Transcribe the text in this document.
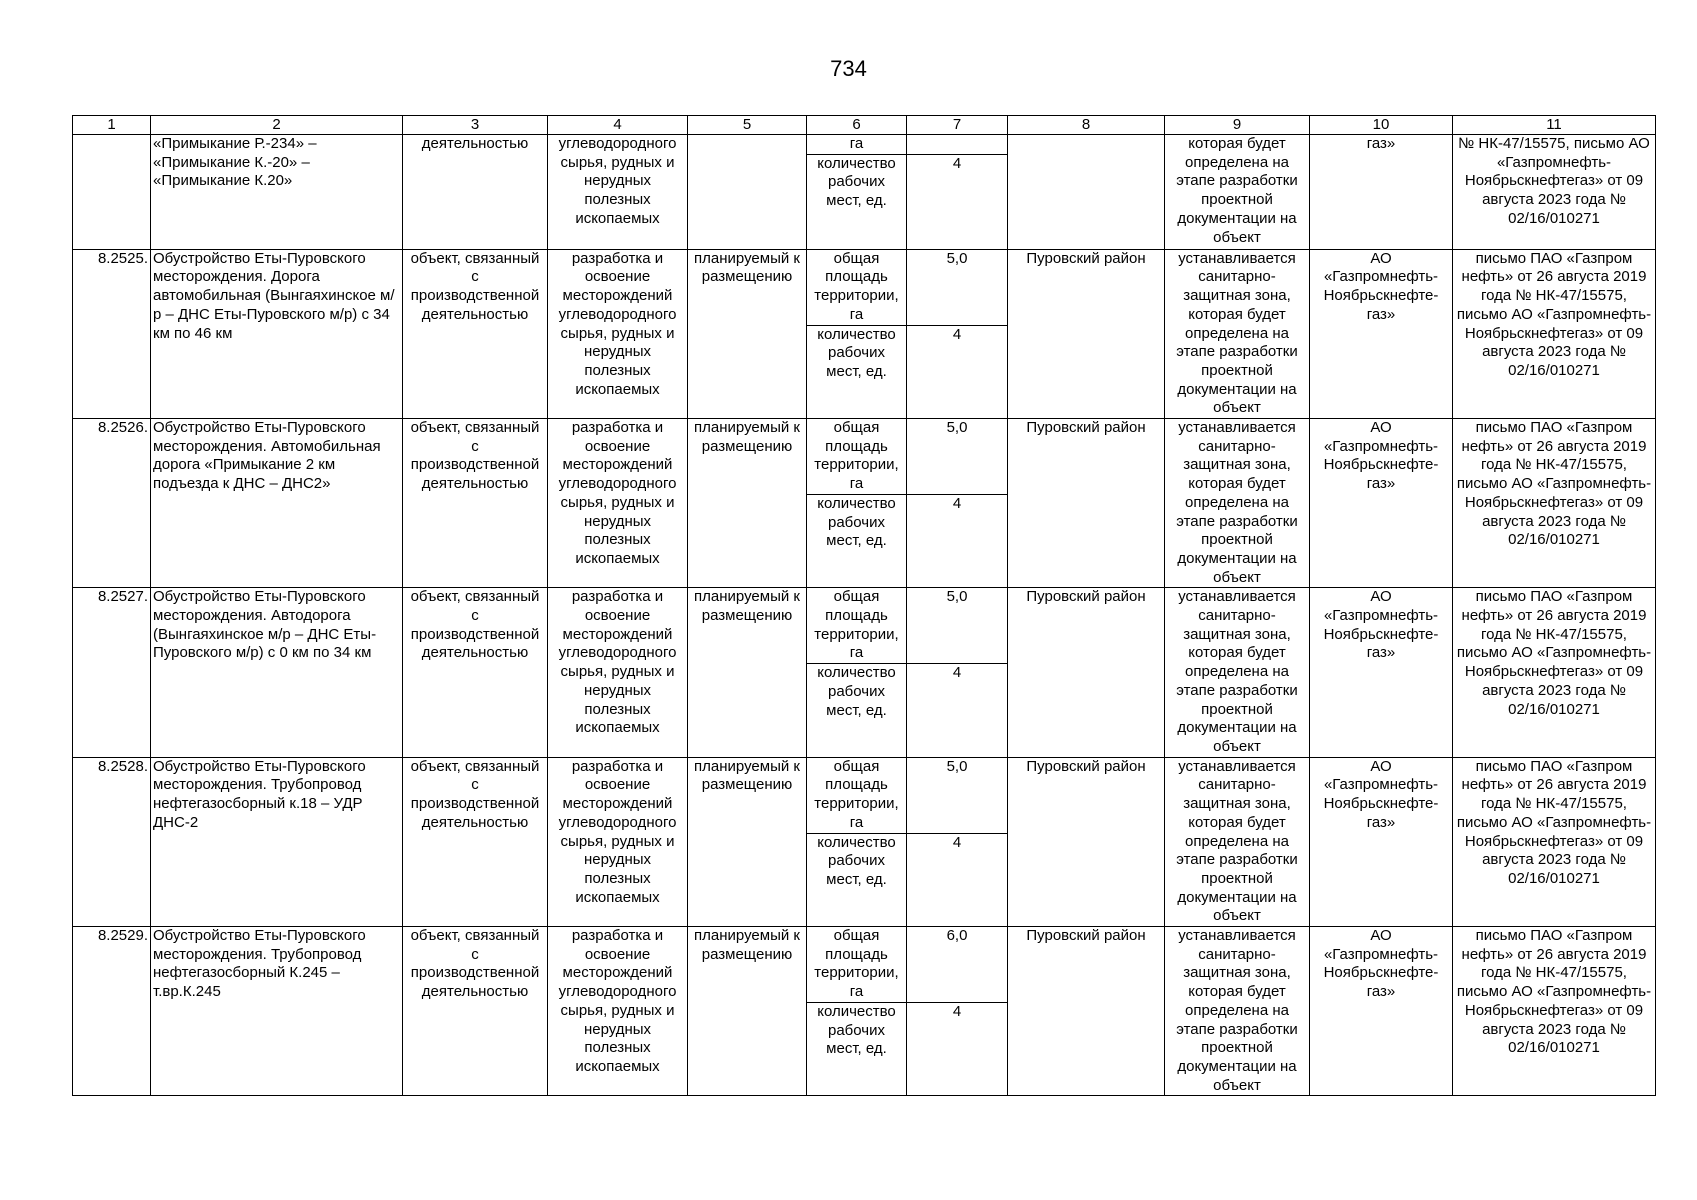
734
1	2	3	4	5	6	7	8	9	10	11
	«Примыкание Р.-234» – «Примыкание К.-20» – «Примыкание К.20»	деятельностью	углеводородного сырья, рудных и нерудных полезных ископаемых		га			которая будет определена на этапе разработки проектной документации на объект	газ»	№ НК-47/15575, письмо АО «Газпромнефть-Ноябрьскнефтегаз» от 09 августа 2023 года № 02/16/010271
					количество рабочих мест, ед.	4				
8.2525.	Обустройство Еты-Пуровского месторождения. Дорога автомобильная (Вынгаяхинское м/р – ДНС Еты-Пуровского м/р) с 34 км по 46 км	объект, связанный с производственной деятельностью	разработка и освоение месторождений углеводородного сырья, рудных и нерудных полезных ископаемых	планируемый к размещению	общая площадь территории, га	5,0	Пуровский район	устанавливается санитарно-защитная зона, которая будет определена на этапе разработки проектной документации на объект	АО «Газпромнефть-Ноябрьскнефте-газ»	письмо ПАО «Газпром нефть» от 26 августа 2019 года № НК-47/15575, письмо АО «Газпромнефть-Ноябрьскнефтегаз» от 09 августа 2023 года № 02/16/010271
					количество рабочих мест, ед.	4				
8.2526.	Обустройство Еты-Пуровского месторождения. Автомобильная дорога «Примыкание 2 км подъезда к ДНС – ДНС2»	объект, связанный с производственной деятельностью	разработка и освоение месторождений углеводородного сырья, рудных и нерудных полезных ископаемых	планируемый к размещению	общая площадь территории, га	5,0	Пуровский район	устанавливается санитарно-защитная зона, которая будет определена на этапе разработки проектной документации на объект	АО «Газпромнефть-Ноябрьскнефте-газ»	письмо ПАО «Газпром нефть» от 26 августа 2019 года № НК-47/15575, письмо АО «Газпромнефть-Ноябрьскнефтегаз» от 09 августа 2023 года № 02/16/010271
					количество рабочих мест, ед.	4				
8.2527.	Обустройство Еты-Пуровского месторождения. Автодорога (Вынгаяхинское м/р – ДНС Еты-Пуровского м/р) с 0 км по 34 км	объект, связанный с производственной деятельностью	разработка и освоение месторождений углеводородного сырья, рудных и нерудных полезных ископаемых	планируемый к размещению	общая площадь территории, га	5,0	Пуровский район	устанавливается санитарно-защитная зона, которая будет определена на этапе разработки проектной документации на объект	АО «Газпромнефть-Ноябрьскнефте-газ»	письмо ПАО «Газпром нефть» от 26 августа 2019 года № НК-47/15575, письмо АО «Газпромнефть-Ноябрьскнефтегаз» от 09 августа 2023 года № 02/16/010271
					количество рабочих мест, ед.	4				
8.2528.	Обустройство Еты-Пуровского месторождения. Трубопровод нефтегазосборный к.18 – УДР ДНС-2	объект, связанный с производственной деятельностью	разработка и освоение месторождений углеводородного сырья, рудных и нерудных полезных ископаемых	планируемый к размещению	общая площадь территории, га	5,0	Пуровский район	устанавливается санитарно-защитная зона, которая будет определена на этапе разработки проектной документации на объект	АО «Газпромнефть-Ноябрьскнефте-газ»	письмо ПАО «Газпром нефть» от 26 августа 2019 года № НК-47/15575, письмо АО «Газпромнефть-Ноябрьскнефтегаз» от 09 августа 2023 года № 02/16/010271
					количество рабочих мест, ед.	4				
8.2529.	Обустройство Еты-Пуровского месторождения. Трубопровод нефтегазосборный К.245 – т.вр.К.245	объект, связанный с производственной деятельностью	разработка и освоение месторождений углеводородного сырья, рудных и нерудных полезных ископаемых	планируемый к размещению	общая площадь территории, га	6,0	Пуровский район	устанавливается санитарно-защитная зона, которая будет определена на этапе разработки проектной документации на объект	АО «Газпромнефть-Ноябрьскнефте-газ»	письмо ПАО «Газпром нефть» от 26 августа 2019 года № НК-47/15575, письмо АО «Газпромнефть-Ноябрьскнефтегаз» от 09 августа 2023 года № 02/16/010271
					количество рабочих мест, ед.	4				
